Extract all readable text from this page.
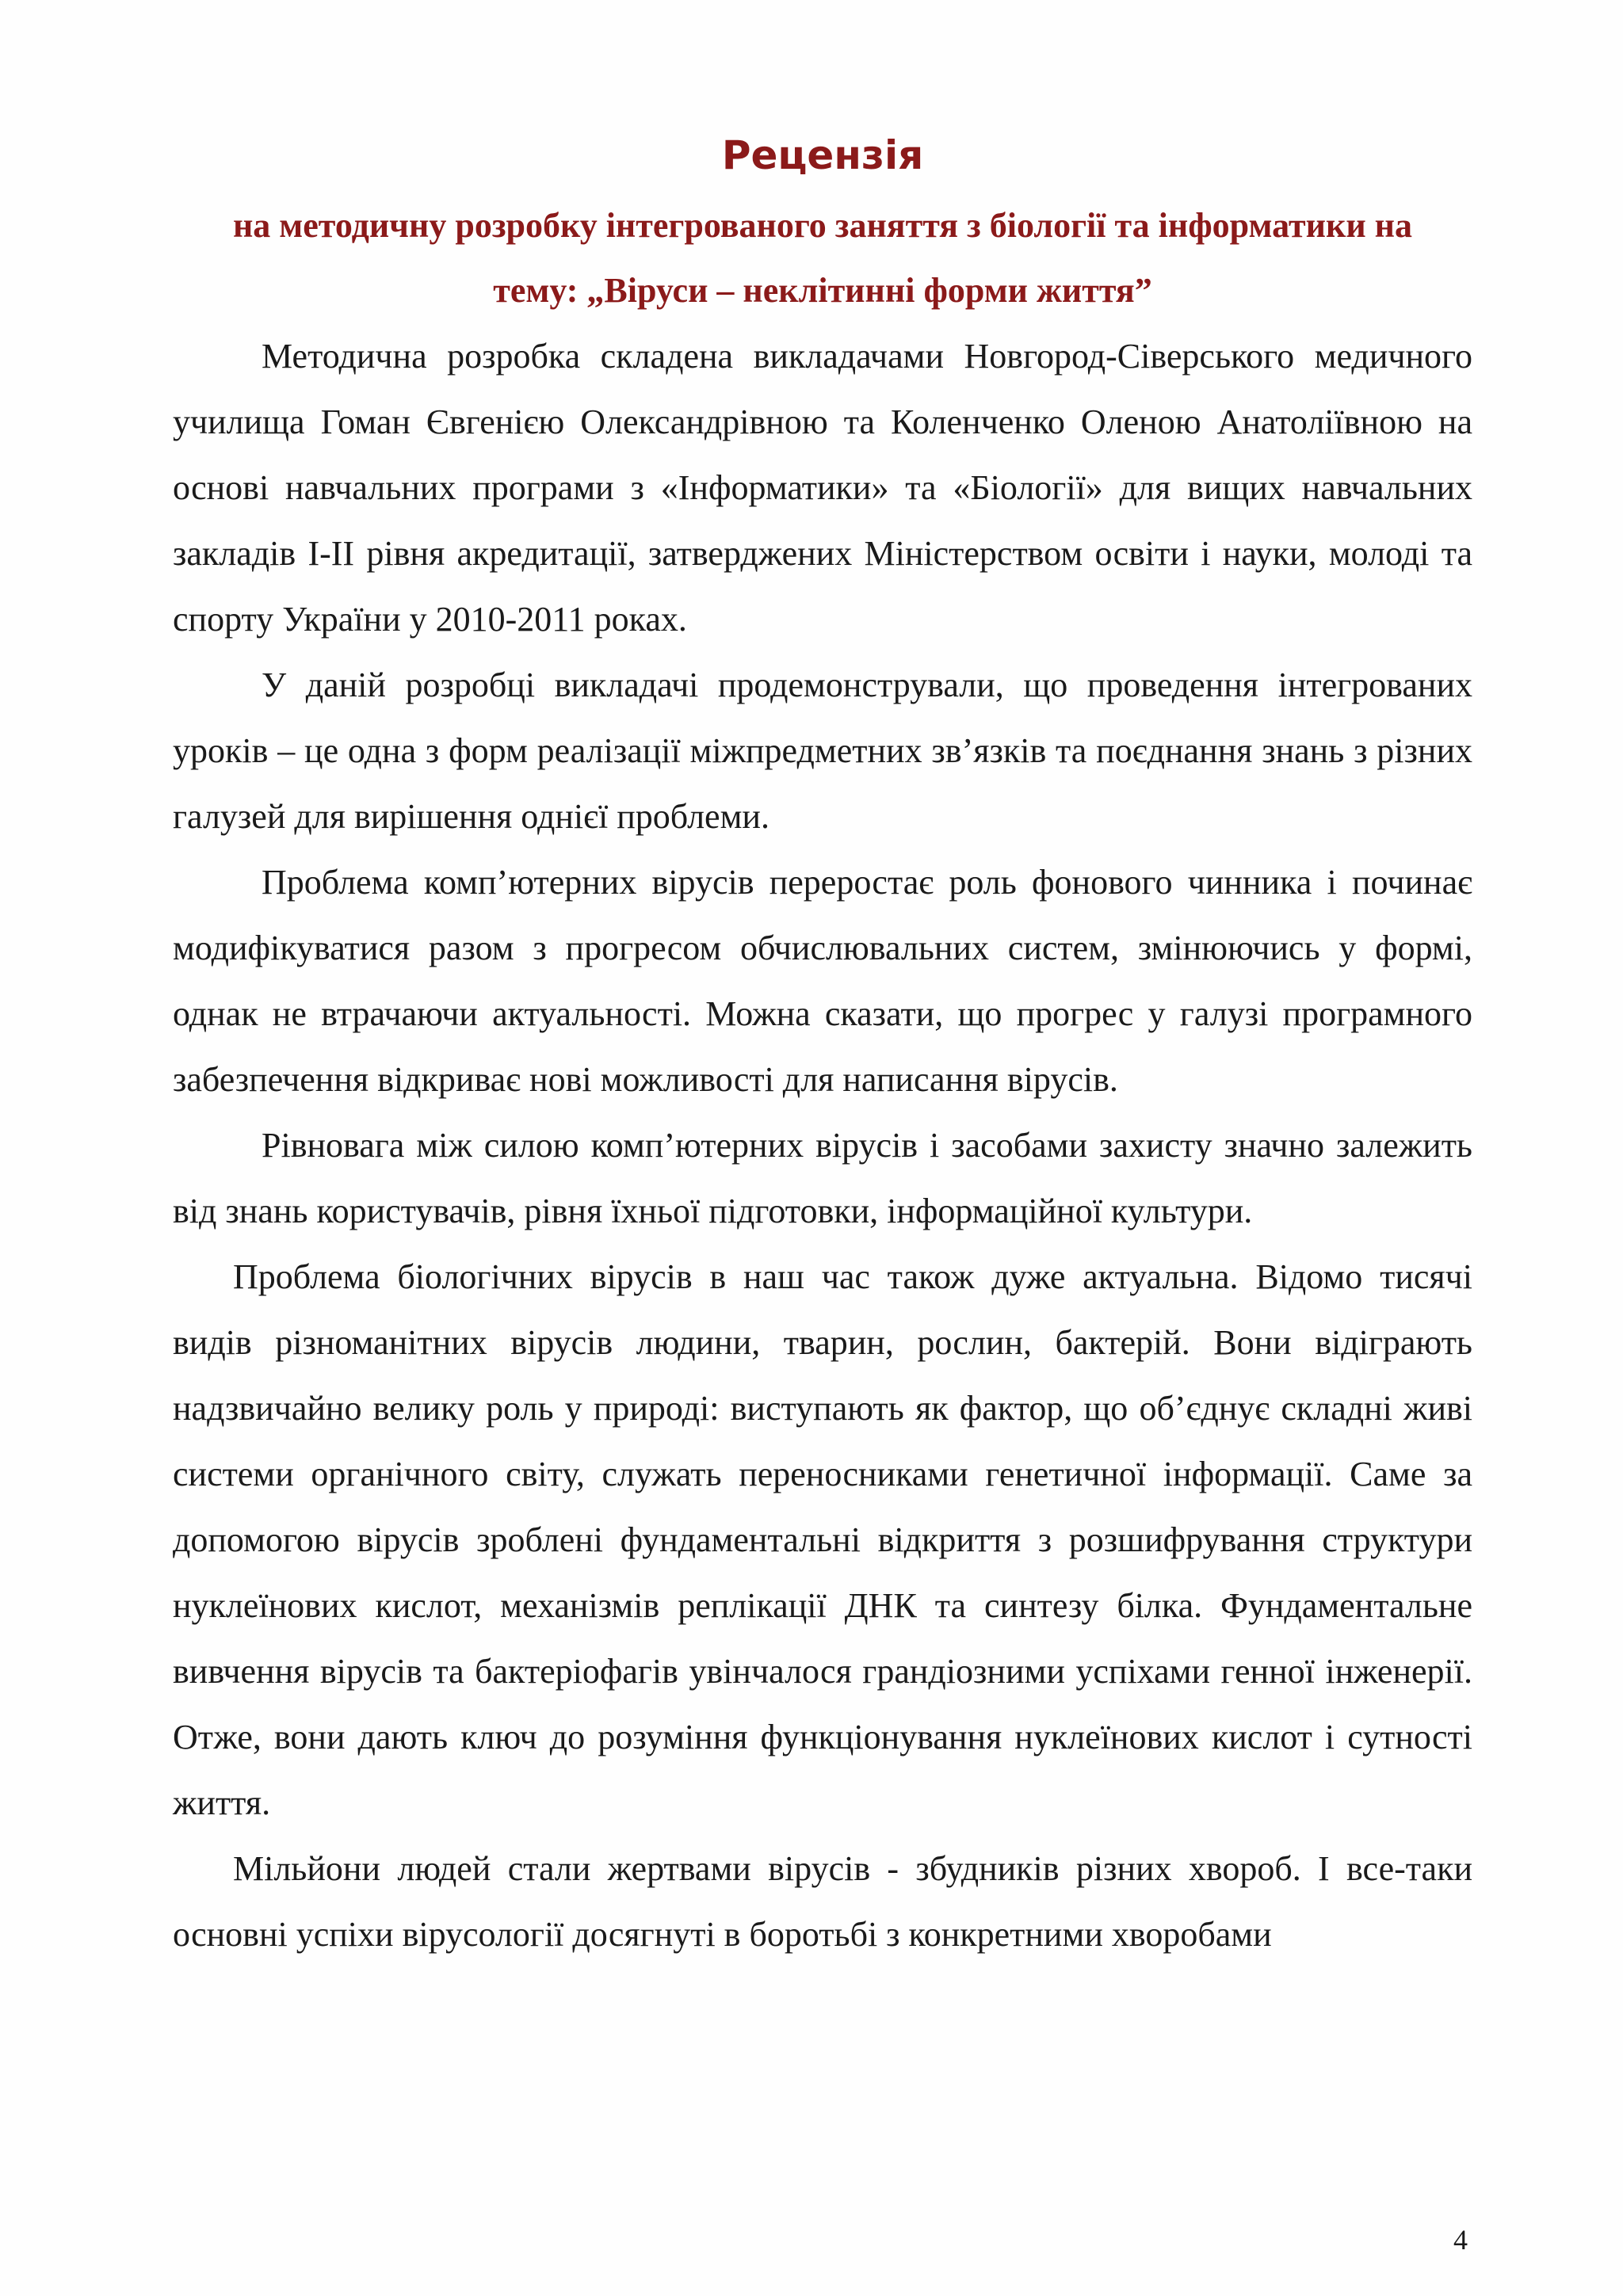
Рецензія

на методичну розробку інтегрованого заняття з біології та інформатики на

тему: „Віруси – неклітинні форми життя”

Методична розробка складена викладачами Новгород-Сіверського медичного училища Гоман Євгенією Олександрівною та Коленченко Оленою Анатоліївною на основі навчальних програми з «Інформатики» та «Біології» для вищих навчальних закладів І-ІІ рівня акредитації, затверджених Міністерством освіти і науки, молоді та спорту України у 2010-2011 роках.

У даній розробці викладачі продемонстрували, що проведення інтегрованих уроків – це одна з форм реалізації міжпредметних зв’язків та поєднання знань з різних галузей для вирішення однієї проблеми.

Проблема комп’ютерних вірусів переростає роль фонового чинника і починає модифікуватися разом з прогресом обчислювальних систем, змінюючись у формі, однак не втрачаючи актуальності. Можна сказати, що прогрес у галузі програмного забезпечення відкриває нові можливості для написання вірусів.

Рівновага між силою комп’ютерних вірусів і засобами захисту значно залежить від знань користувачів, рівня їхньої підготовки, інформаційної культури.

Проблема біологічних вірусів в наш час також дуже актуальна. Відомо тисячі видів різноманітних вірусів людини, тварин, рослин, бактерій. Вони відіграють надзвичайно велику роль у природі: виступають як фактор, що об’єднує складні живі системи органічного світу, служать переносниками генетичної інформації. Саме за допомогою вірусів зроблені фундаментальні відкриття з розшифрування структури нуклеїнових кислот, механізмів реплікації ДНК та синтезу білка. Фундаментальне вивчення вірусів та бактеріофагів увінчалося грандіозними успіхами генної інженерії. Отже, вони дають ключ до розуміння функціонування нуклеїнових кислот і сутності життя.

Мільйони людей стали жертвами вірусів - збудників різних хвороб. І все-таки основні успіхи вірусології досягнуті в боротьбі з конкретними хворобами

4
